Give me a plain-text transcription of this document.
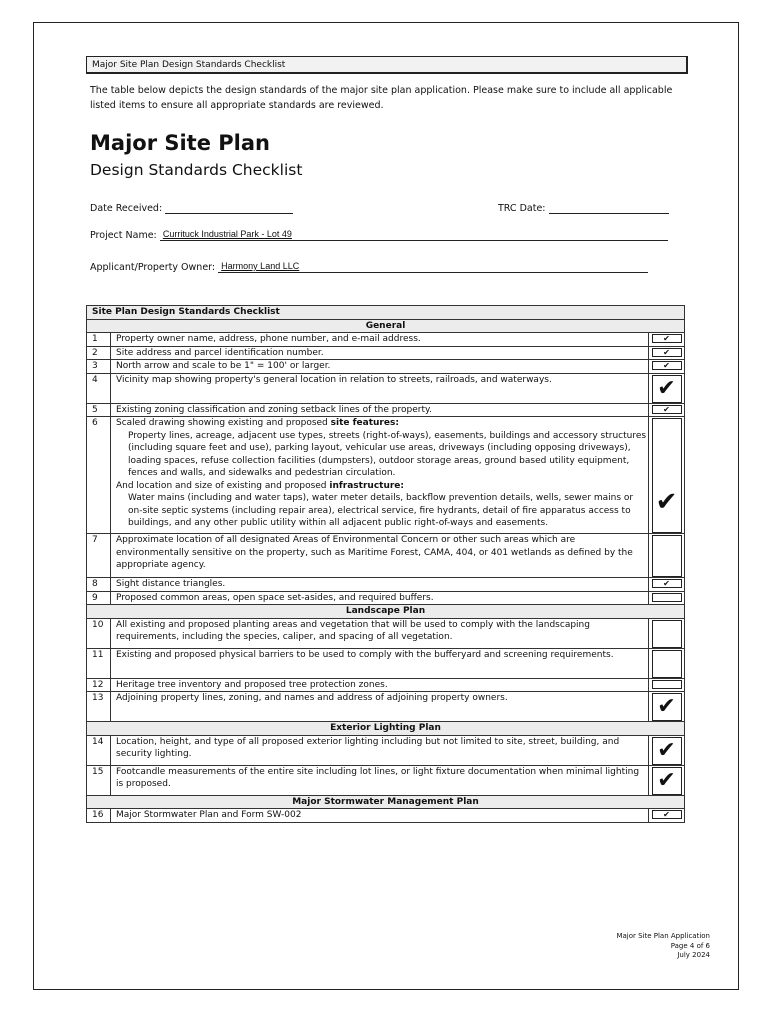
Major Site Plan Design Standards Checklist
The table below depicts the design standards of the major site plan application. Please make sure to include all applicable listed items to ensure all appropriate standards are reviewed.
Major Site Plan
Design Standards Checklist
Date Received:	TRC Date:
Project Name: Currituck Industrial Park - Lot 49
Applicant/Property Owner: Harmony Land LLC
Site Plan Design Standards Checklist		
General		
1	Property owner name, address, phone number, and e-mail address.	✔

2	Site address and parcel identification number.	✔

3	North arrow and scale to be 1" = 100' or larger.	✔

4	Vicinity map showing property's general location in relation to streets, railroads, and waterways.	✔

5	Existing zoning classification and zoning setback lines of the property.	✔

6	Scaled drawing showing existing and proposed site features:
Property lines, acreage, adjacent use types, streets (right-of-ways), easements, buildings and accessory structures (including square feet and use), parking layout, vehicular use areas, driveways (including opposing driveways), loading spaces, refuse collection facilities (dumpsters), outdoor storage areas, ground based utility equipment, fences and walls, and sidewalks and pedestrian circulation.
And location and size of existing and proposed infrastructure:
Water mains (including and water taps), water meter details, backflow prevention details, wells, sewer mains or on-site septic systems (including repair area), electrical service, fire hydrants, detail of fire apparatus access to buildings, and any other public utility within all adjacent public right-of-ways and easements.	✔

7	Approximate location of all designated Areas of Environmental Concern or other such areas which are environmentally sensitive on the property, such as Maritime Forest, CAMA, 404, or 401 wetlands as defined by the appropriate agency.	

8	Sight distance triangles.	✔

9	Proposed common areas, open space set-asides, and required buffers.	

Landscape Plan		
10	All existing and proposed planting areas and vegetation that will be used to comply with the landscaping requirements, including the species, caliper, and spacing of all vegetation.	

11	Existing and proposed physical barriers to be used to comply with the bufferyard and screening requirements.	

12	Heritage tree inventory and proposed tree protection zones.	

13	Adjoining property lines, zoning, and names and address of adjoining property owners.	✔

Exterior Lighting Plan		
14	Location, height, and type of all proposed exterior lighting including but not limited to site, street, building, and security lighting.	✔

15	Footcandle measurements of the entire site including lot lines, or light fixture documentation when minimal lighting is proposed.	✔

Major Stormwater Management Plan		
16	Major Stormwater Plan and Form SW-002	✔
Major Site Plan Application
Page 4 of 6
July 2024
